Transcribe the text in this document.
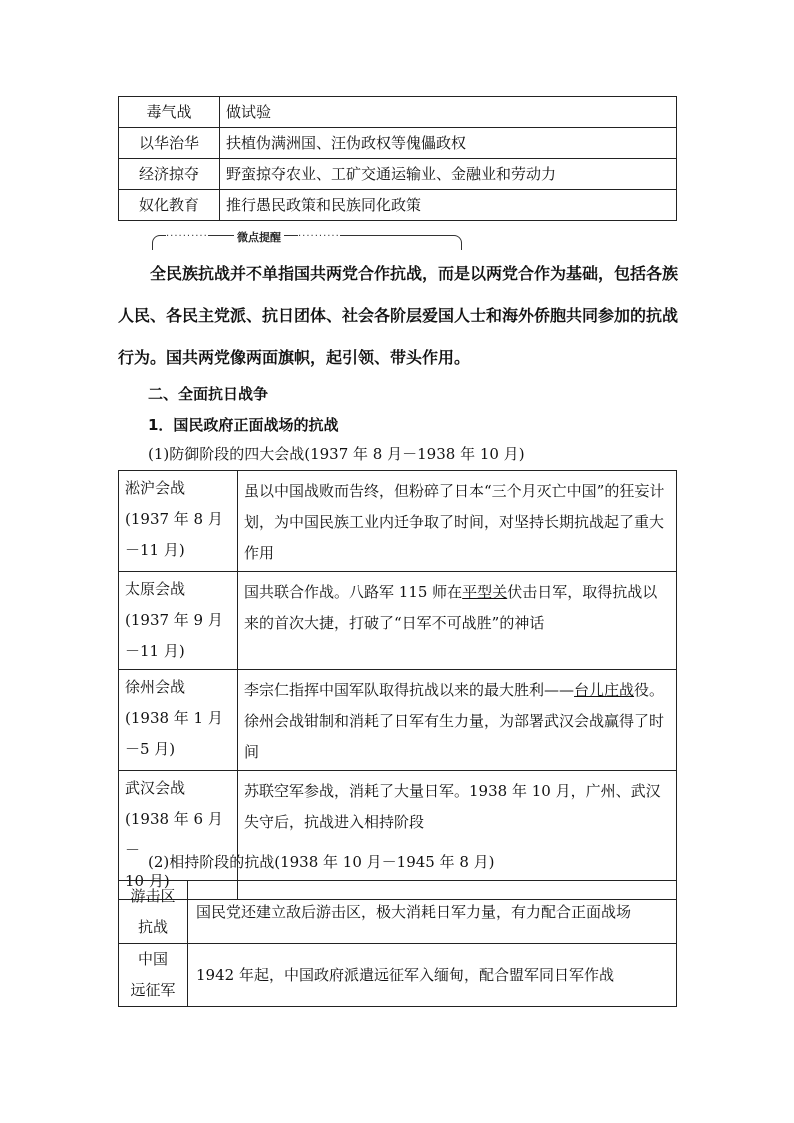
毒气战	做试验
以华治华	扶植伪满洲国、汪伪政权等傀儡政权
经济掠夺	野蛮掠夺农业、工矿交通运输业、金融业和劳动力
奴化教育	推行愚民政策和民族同化政策
··········	微点提醒	··········
全民族抗战并不单指国共两党合作抗战，而是以两党合作为基础，包括各族人民、各民主党派、抗日团体、社会各阶层爱国人士和海外侨胞共同参加的抗战行为。国共两党像两面旗帜，起引领、带头作用。
二、全面抗日战争
1．国民政府正面战场的抗战
(1)防御阶段的四大会战(1937 年 8 月－1938 年 10 月)
淞沪会战
(1937 年 8 月
－11 月)	虽以中国战败而告终，但粉碎了日本“三个月灭亡中国”的狂妄计划，为中国民族工业内迁争取了时间，对坚持长期抗战起了重大作用

太原会战
(1937 年 9 月
－11 月)	国共联合作战。八路军 115 师在平型关伏击日军，取得抗战以来的首次大捷，打破了“日军不可战胜”的神话

徐州会战
(1938 年 1 月
－5 月)	李宗仁指挥中国军队取得抗战以来的最大胜利——台儿庄战役。徐州会战钳制和消耗了日军有生力量，为部署武汉会战赢得了时间

武汉会战
(1938 年 6 月－
10 月)	苏联空军参战，消耗了大量日军。1938 年 10 月，广州、武汉失守后，抗战进入相持阶段
(2)相持阶段的抗战(1938 年 10 月－1945 年 8 月)
游击区
抗战	国民党还建立敌后游击区，极大消耗日军力量，有力配合正面战场

中国
远征军	1942 年起，中国政府派遣远征军入缅甸，配合盟军同日军作战
